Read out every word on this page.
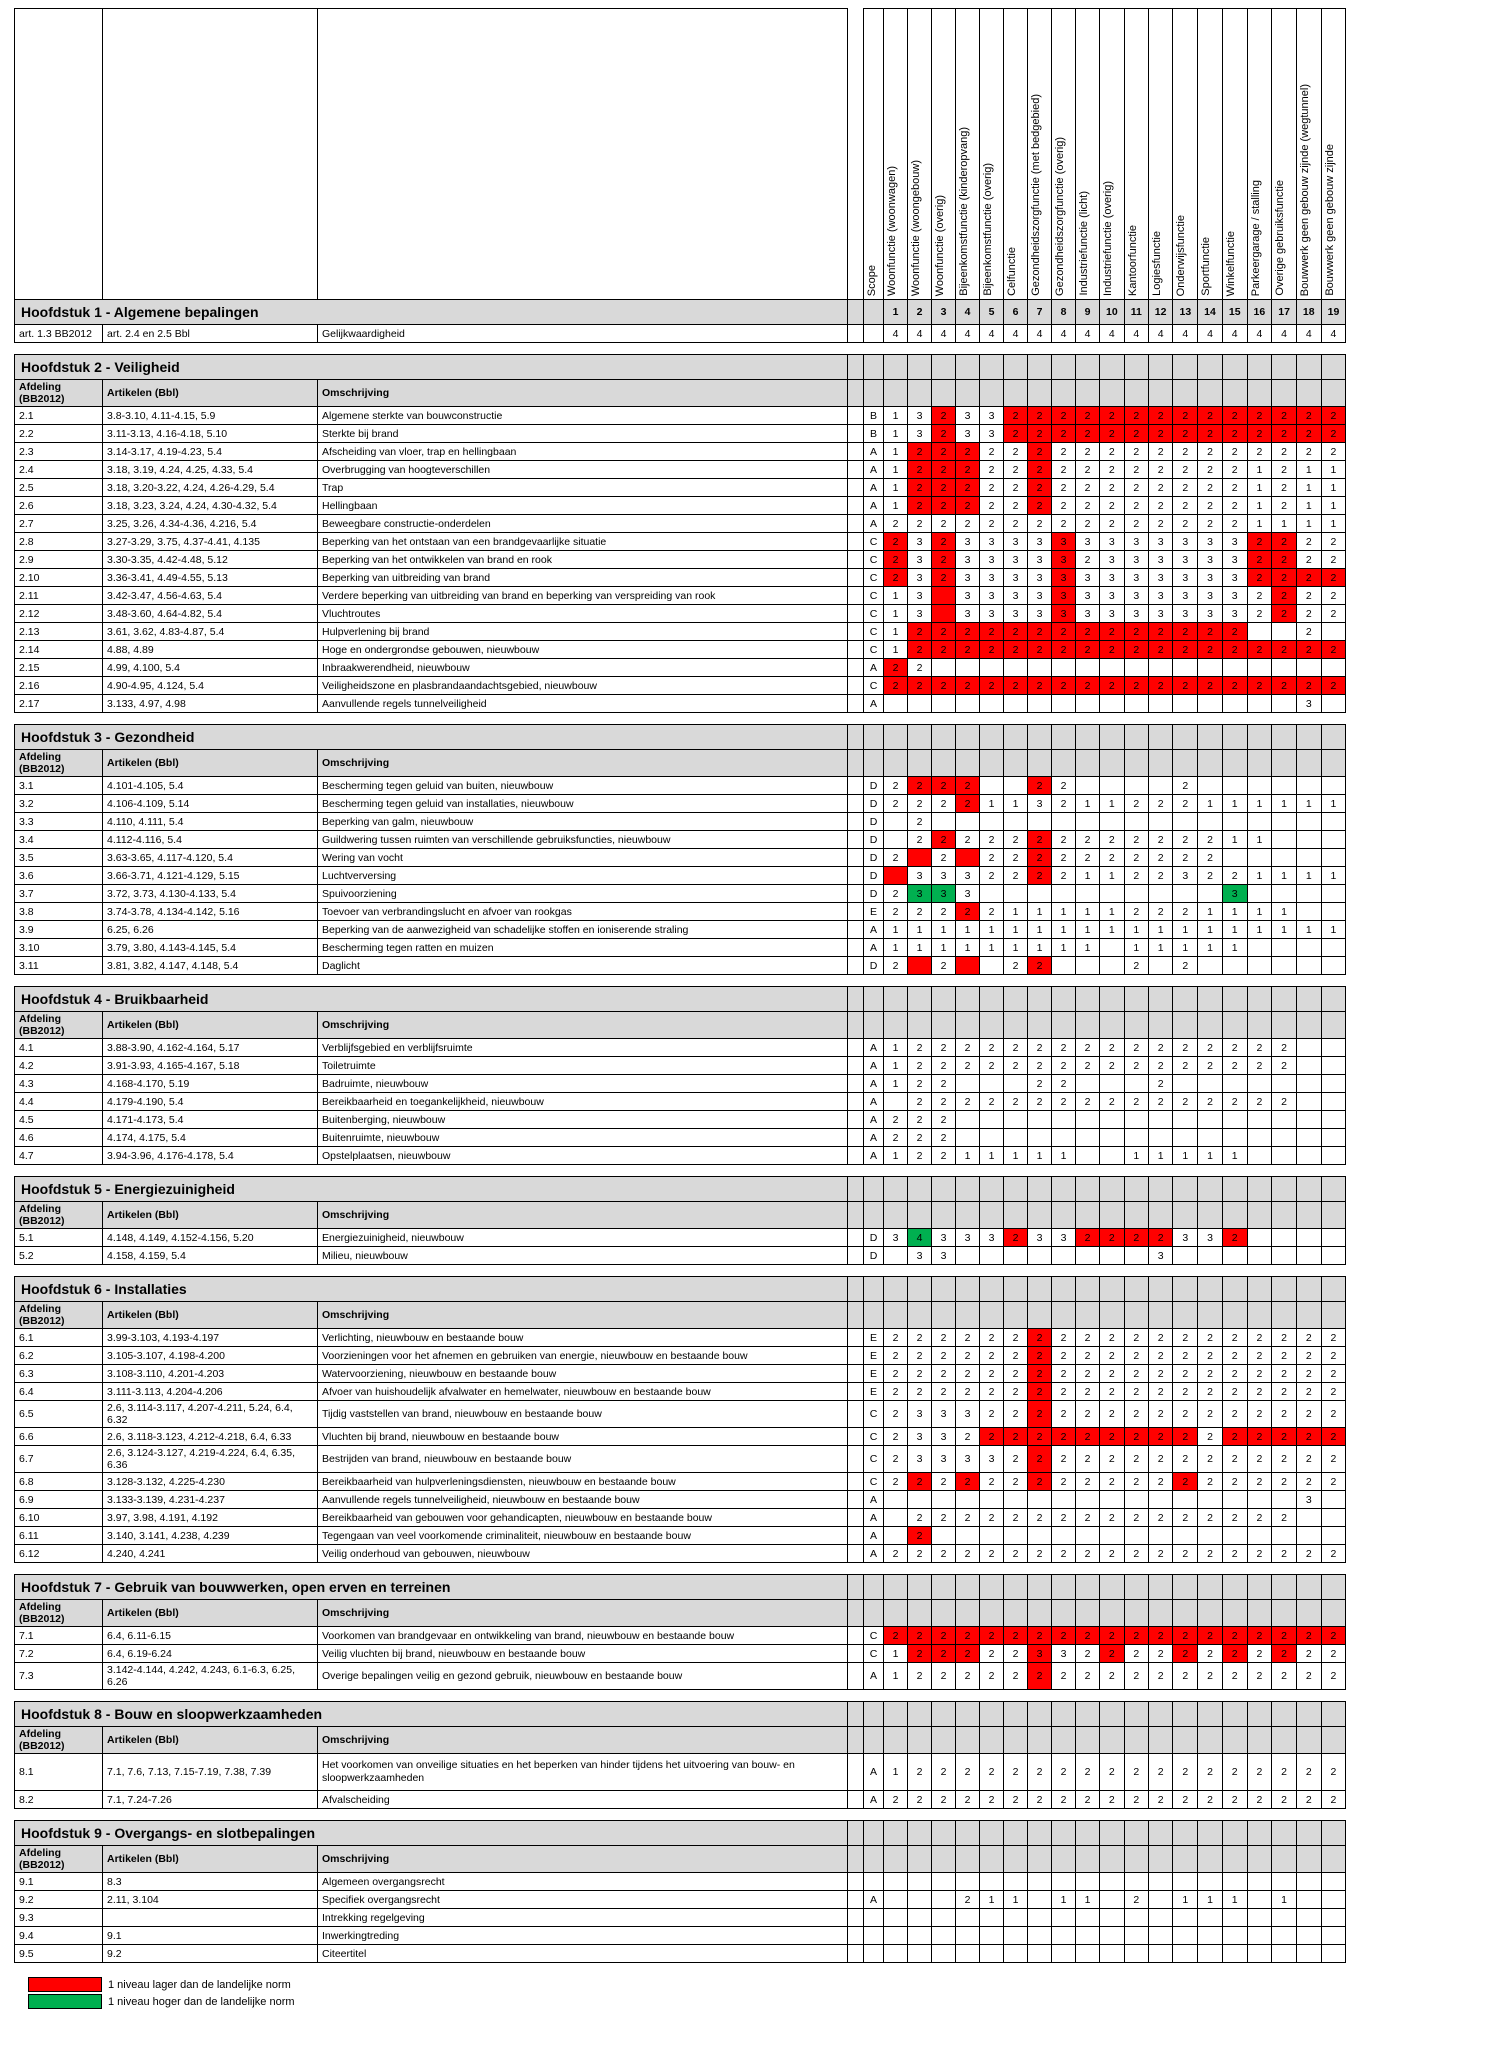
				Scope	Woonfunctie (woonwagen)	Woonfunctie (woongebouw)	Woonfunctie (overig)	Bijeenkomstfunctie (kinderopvang)	Bijeenkomstfunctie (overig)	Celfunctie	Gezondheidszorgfunctie (met bedgebied)	Gezondheidszorgfunctie (overig)	Industriefunctie (licht)	Industriefunctie (overig)	Kantoorfunctie	Logiesfunctie	Onderwijsfunctie	Sportfunctie	Winkelfunctie	Parkeergarage / stalling	Overige gebruiksfunctie	Bouwwerk geen gebouw zijnde (wegtunnel)	Bouwwerk geen gebouw zijnde

Hoofdstuk 1 - Algemene bepalingen					1	2	3	4	5	6	7	8	9	10	11	12	13	14	15	16	17	18	19
art. 1.3 BB2012	art. 2.4 en 2.5 Bbl	Gelijkwaardigheid			4	4	4	4	4	4	4	4	4	4	4	4	4	4	4	4	4	4	4

Hoofdstuk 2 - Veiligheid																							
Afdeling (BB2012)	Artikelen (Bbl)	Omschrijving																					
2.1	3.8-3.10, 4.11-4.15, 5.9	Algemene sterkte van bouwconstructie		B	1	3	2	3	3	2	2	2	2	2	2	2	2	2	2	2	2	2	2
2.2	3.11-3.13, 4.16-4.18, 5.10	Sterkte bij brand		B	1	3	2	3	3	2	2	2	2	2	2	2	2	2	2	2	2	2	2
2.3	3.14-3.17, 4.19-4.23, 5.4	Afscheiding van vloer, trap en hellingbaan		A	1	2	2	2	2	2	2	2	2	2	2	2	2	2	2	2	2	2	2
2.4	3.18, 3.19, 4.24, 4.25, 4.33, 5.4	Overbrugging van hoogteverschillen		A	1	2	2	2	2	2	2	2	2	2	2	2	2	2	2	1	2	1	1
2.5	3.18, 3.20-3.22, 4.24, 4.26-4.29, 5.4	Trap		A	1	2	2	2	2	2	2	2	2	2	2	2	2	2	2	1	2	1	1
2.6	3.18, 3.23, 3.24, 4.24, 4.30-4.32, 5.4	Hellingbaan		A	1	2	2	2	2	2	2	2	2	2	2	2	2	2	2	1	2	1	1
2.7	3.25, 3.26, 4.34-4.36, 4.216, 5.4	Beweegbare constructie-onderdelen		A	2	2	2	2	2	2	2	2	2	2	2	2	2	2	2	1	1	1	1
2.8	3.27-3.29, 3.75, 4.37-4.41, 4.135	Beperking van het ontstaan van een brandgevaarlijke situatie		C	2	3	2	3	3	3	3	3	3	3	3	3	3	3	3	2	2	2	2
2.9	3.30-3.35, 4.42-4.48, 5.12	Beperking van het ontwikkelen van brand en rook		C	2	3	2	3	3	3	3	3	2	3	3	3	3	3	3	2	2	2	2
2.10	3.36-3.41, 4.49-4.55, 5.13	Beperking van uitbreiding van brand		C	2	3	2	3	3	3	3	3	3	3	3	3	3	3	3	2	2	2	2
2.11	3.42-3.47, 4.56-4.63, 5.4	Verdere beperking van uitbreiding van brand en beperking van verspreiding van rook		C	1	3		3	3	3	3	3	3	3	3	3	3	3	3	2	2	2	2
2.12	3.48-3.60, 4.64-4.82, 5.4	Vluchtroutes		C	1	3		3	3	3	3	3	3	3	3	3	3	3	3	2	2	2	2
2.13	3.61, 3.62, 4.83-4.87, 5.4	Hulpverlening bij brand		C	1	2	2	2	2	2	2	2	2	2	2	2	2	2	2			2	
2.14	4.88, 4.89	Hoge en ondergrondse gebouwen, nieuwbouw		C	1	2	2	2	2	2	2	2	2	2	2	2	2	2	2	2	2	2	2
2.15	4.99, 4.100, 5.4	Inbraakwerendheid, nieuwbouw		A	2	2																	
2.16	4.90-4.95, 4.124, 5.4	Veiligheidszone en plasbrandaandachtsgebied, nieuwbouw		C	2	2	2	2	2	2	2	2	2	2	2	2	2	2	2	2	2	2	2
2.17	3.133, 4.97, 4.98	Aanvullende regels tunnelveiligheid		A																		3	

Hoofdstuk 3 - Gezondheid																							
Afdeling (BB2012)	Artikelen (Bbl)	Omschrijving																					
3.1	4.101-4.105, 5.4	Bescherming tegen geluid van buiten, nieuwbouw		D	2	2	2	2			2	2					2						
3.2	4.106-4.109, 5.14	Bescherming tegen geluid van installaties, nieuwbouw		D	2	2	2	2	1	1	3	2	1	1	2	2	2	1	1	1	1	1	1
3.3	4.110, 4.111, 5.4	Beperking van galm, nieuwbouw		D		2																	
3.4	4.112-4.116, 5.4	Guildwering tussen ruimten van verschillende gebruiksfuncties, nieuwbouw		D		2	2	2	2	2	2	2	2	2	2	2	2	2	1	1			
3.5	3.63-3.65, 4.117-4.120, 5.4	Wering van vocht		D	2		2		2	2	2	2	2	2	2	2	2	2					
3.6	3.66-3.71, 4.121-4.129, 5.15	Luchtverversing		D		3	3	3	2	2	2	2	1	1	2	2	3	2	2	1	1	1	1
3.7	3.72, 3.73, 4.130-4.133, 5.4	Spuivoorziening		D	2	3	3	3											3				
3.8	3.74-3.78, 4.134-4.142, 5.16	Toevoer van verbrandingslucht en afvoer van rookgas		E	2	2	2	2	2	1	1	1	1	1	2	2	2	1	1	1	1		
3.9	6.25, 6.26	Beperking van de aanwezigheid van schadelijke stoffen en ioniserende straling		A	1	1	1	1	1	1	1	1	1	1	1	1	1	1	1	1	1	1	1
3.10	3.79, 3.80, 4.143-4.145, 5.4	Bescherming tegen ratten en muizen		A	1	1	1	1	1	1	1	1	1		1	1	1	1	1				
3.11	3.81, 3.82, 4.147, 4.148, 5.4	Daglicht		D	2		2			2	2				2		2						

Hoofdstuk 4 - Bruikbaarheid																							
Afdeling (BB2012)	Artikelen (Bbl)	Omschrijving																					
4.1	3.88-3.90, 4.162-4.164, 5.17	Verblijfsgebied en verblijfsruimte		A	1	2	2	2	2	2	2	2	2	2	2	2	2	2	2	2	2		
4.2	3.91-3.93, 4.165-4.167, 5.18	Toiletruimte		A	1	2	2	2	2	2	2	2	2	2	2	2	2	2	2	2	2		
4.3	4.168-4.170, 5.19	Badruimte, nieuwbouw		A	1	2	2				2	2				2							
4.4	4.179-4.190, 5.4	Bereikbaarheid en toegankelijkheid, nieuwbouw		A		2	2	2	2	2	2	2	2	2	2	2	2	2	2	2	2		
4.5	4.171-4.173, 5.4	Buitenberging, nieuwbouw		A	2	2	2																
4.6	4.174, 4.175, 5.4	Buitenruimte, nieuwbouw		A	2	2	2																
4.7	3.94-3.96, 4.176-4.178, 5.4	Opstelplaatsen, nieuwbouw		A	1	2	2	1	1	1	1	1			1	1	1	1	1				

Hoofdstuk 5 - Energiezuinigheid																							
Afdeling (BB2012)	Artikelen (Bbl)	Omschrijving																					
5.1	4.148, 4.149, 4.152-4.156, 5.20	Energiezuinigheid, nieuwbouw		D	3	4	3	3	3	2	3	3	2	2	2	2	3	3	2				
5.2	4.158, 4.159, 5.4	Milieu, nieuwbouw		D		3	3									3							

Hoofdstuk 6 - Installaties																							
Afdeling (BB2012)	Artikelen (Bbl)	Omschrijving																					
6.1	3.99-3.103, 4.193-4.197	Verlichting, nieuwbouw en bestaande bouw		E	2	2	2	2	2	2	2	2	2	2	2	2	2	2	2	2	2	2	2
6.2	3.105-3.107, 4.198-4.200	Voorzieningen voor het afnemen en gebruiken van energie, nieuwbouw en bestaande bouw		E	2	2	2	2	2	2	2	2	2	2	2	2	2	2	2	2	2	2	2
6.3	3.108-3.110, 4.201-4.203	Watervoorziening, nieuwbouw en bestaande bouw		E	2	2	2	2	2	2	2	2	2	2	2	2	2	2	2	2	2	2	2
6.4	3.111-3.113, 4.204-4.206	Afvoer van huishoudelijk afvalwater en hemelwater, nieuwbouw en bestaande bouw		E	2	2	2	2	2	2	2	2	2	2	2	2	2	2	2	2	2	2	2
6.5	2.6, 3.114-3.117, 4.207-4.211, 5.24, 6.4, 6.32	Tijdig vaststellen van brand, nieuwbouw en bestaande bouw		C	2	3	3	3	2	2	2	2	2	2	2	2	2	2	2	2	2	2	2
6.6	2.6, 3.118-3.123, 4.212-4.218, 6.4, 6.33	Vluchten bij brand, nieuwbouw en bestaande bouw		C	2	3	3	2	2	2	2	2	2	2	2	2	2	2	2	2	2	2	2
6.7	2.6, 3.124-3.127, 4.219-4.224, 6.4, 6.35, 6.36	Bestrijden van brand, nieuwbouw en bestaande bouw		C	2	3	3	3	3	2	2	2	2	2	2	2	2	2	2	2	2	2	2
6.8	3.128-3.132, 4.225-4.230	Bereikbaarheid van hulpverleningsdiensten, nieuwbouw en bestaande bouw		C	2	2	2	2	2	2	2	2	2	2	2	2	2	2	2	2	2	2	2
6.9	3.133-3.139, 4.231-4.237	Aanvullende regels tunnelveiligheid, nieuwbouw en bestaande bouw		A																		3	
6.10	3.97, 3.98, 4.191, 4.192	Bereikbaarheid van gebouwen voor gehandicapten, nieuwbouw en bestaande bouw		A		2	2	2	2	2	2	2	2	2	2	2	2	2	2	2	2		
6.11	3.140, 3.141, 4.238, 4.239	Tegengaan van veel voorkomende criminaliteit, nieuwbouw en bestaande bouw		A		2																	
6.12	4.240, 4.241	Veilig onderhoud van gebouwen, nieuwbouw		A	2	2	2	2	2	2	2	2	2	2	2	2	2	2	2	2	2	2	2

Hoofdstuk 7 - Gebruik van bouwwerken, open erven en terreinen																							
Afdeling (BB2012)	Artikelen (Bbl)	Omschrijving																					
7.1	6.4, 6.11-6.15	Voorkomen van brandgevaar en ontwikkeling van brand, nieuwbouw en bestaande bouw		C	2	2	2	2	2	2	2	2	2	2	2	2	2	2	2	2	2	2	2
7.2	6.4, 6.19-6.24	Veilig vluchten bij brand, nieuwbouw en bestaande bouw		C	1	2	2	2	2	2	3	3	2	2	2	2	2	2	2	2	2	2	2
7.3	3.142-4.144, 4.242, 4.243, 6.1-6.3, 6.25, 6.26	Overige bepalingen veilig en gezond gebruik, nieuwbouw en bestaande bouw		A	1	2	2	2	2	2	2	2	2	2	2	2	2	2	2	2	2	2	2

Hoofdstuk 8 - Bouw en sloopwerkzaamheden																							
Afdeling (BB2012)	Artikelen (Bbl)	Omschrijving																					
8.1	7.1, 7.6, 7.13, 7.15-7.19, 7.38, 7.39	Het voorkomen van onveilige situaties en het beperken van hinder tijdens het uitvoering van bouw- en sloopwerkzaamheden		A	1	2	2	2	2	2	2	2	2	2	2	2	2	2	2	2	2	2	2
8.2	7.1, 7.24-7.26	Afvalscheiding		A	2	2	2	2	2	2	2	2	2	2	2	2	2	2	2	2	2	2	2

Hoofdstuk 9 - Overgangs- en slotbepalingen																							
Afdeling (BB2012)	Artikelen (Bbl)	Omschrijving																					
9.1	8.3	Algemeen overgangsrecht																					
9.2	2.11, 3.104	Specifiek overgangsrecht		A				2	1	1		1	1		2		1	1	1		1		
9.3		Intrekking regelgeving																					
9.4	9.1	Inwerkingtreding																					
9.5	9.2	Citeertitel																					
1 niveau lager dan de landelijke norm
1 niveau hoger dan de landelijke norm
